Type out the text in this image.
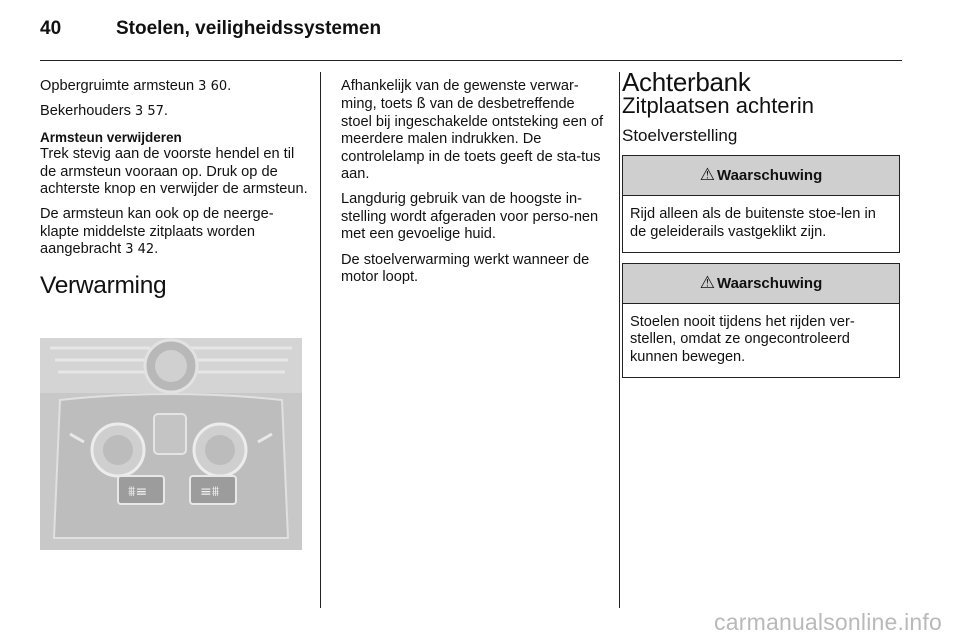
40	Stoelen, veiligheidssystemen

Opbergruimte armsteun 3 60.

Bekerhouders 3 57.

Armsteun verwijderen

Trek stevig aan de voorste hendel en til de armsteun vooraan op. Druk op de achterste knop en verwijder de armsteun.

De armsteun kan ook op de neerge-klapte middelste zitplaats worden aangebracht 3 42.

Verwarming
⩩≡	≡⩩

Afhankelijk van de gewenste verwar-ming, toets ß van de desbetreffende stoel bij ingeschakelde ontsteking een of meerdere malen indrukken. De controlelamp in de toets geeft de sta-tus aan.

Langdurig gebruik van de hoogste in-stelling wordt afgeraden voor perso-nen met een gevoelige huid.

De stoelverwarming werkt wanneer de motor loopt.

Achterbank
Zitplaatsen achterin
Stoelverstelling
⚠ Waarschuwing
Rijd alleen als de buitenste stoe-len in de geleiderails vastgeklikt zijn.
⚠ Waarschuwing
Stoelen nooit tijdens het rijden ver-stellen, omdat ze ongecontroleerd kunnen bewegen.
carmanualsonline.info
